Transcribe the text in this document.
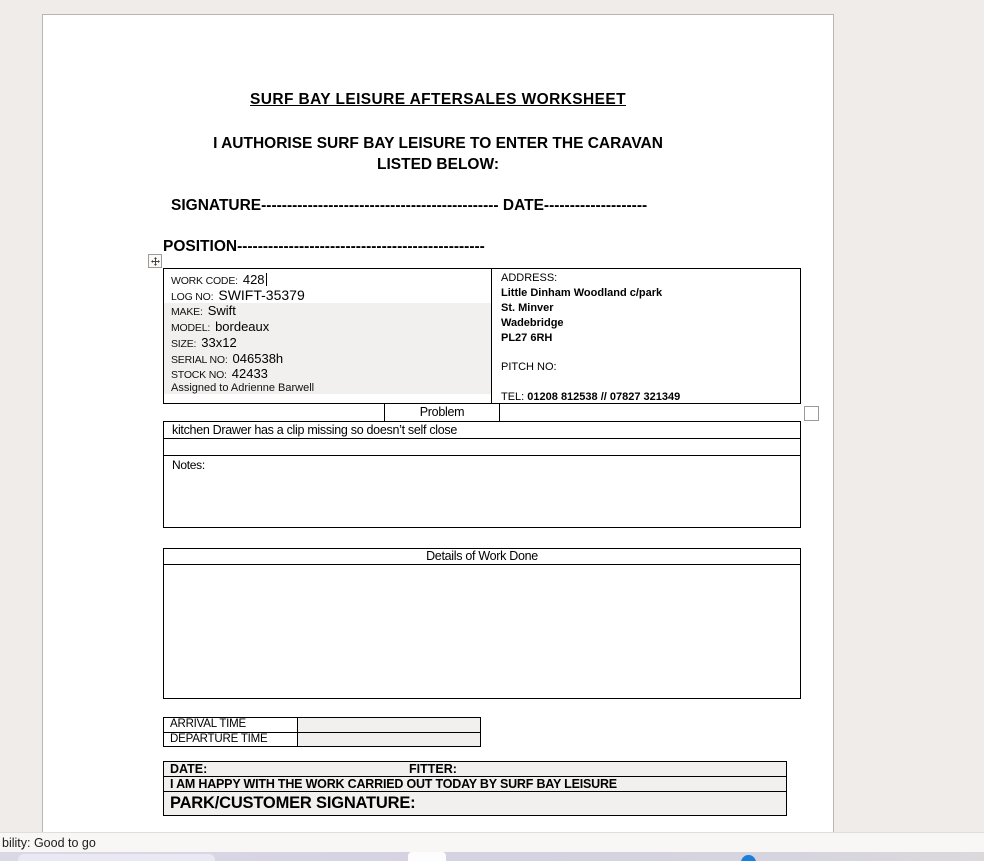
SURF BAY LEISURE AFTERSALES WORKSHEET
I AUTHORISE SURF BAY LEISURE TO ENTER THE CARAVAN
LISTED BELOW:
SIGNATURE---------------------------------------------- DATE--------------------
POSITION------------------------------------------------
WORK CODE: 428
LOG NO: SWIFT-35379
MAKE: Swift
MODEL: bordeaux
SIZE: 33x12
SERIAL NO: 046538h
STOCK NO: 42433
Assigned to Adrienne Barwell
ADDRESS:
Little Dinham Woodland c/park
St. Minver
Wadebridge
PL27 6RH

PITCH NO:

TEL: 01208 812538 // 07827 321349
Problem
kitchen Drawer has a clip missing so doesn’t self close
Notes:
Details of Work Done
ARRIVAL TIME
DEPARTURE TIME
DATE:	FITTER:
I AM HAPPY WITH THE WORK CARRIED OUT TODAY BY SURF BAY LEISURE
PARK/CUSTOMER SIGNATURE:
bility: Good to go
